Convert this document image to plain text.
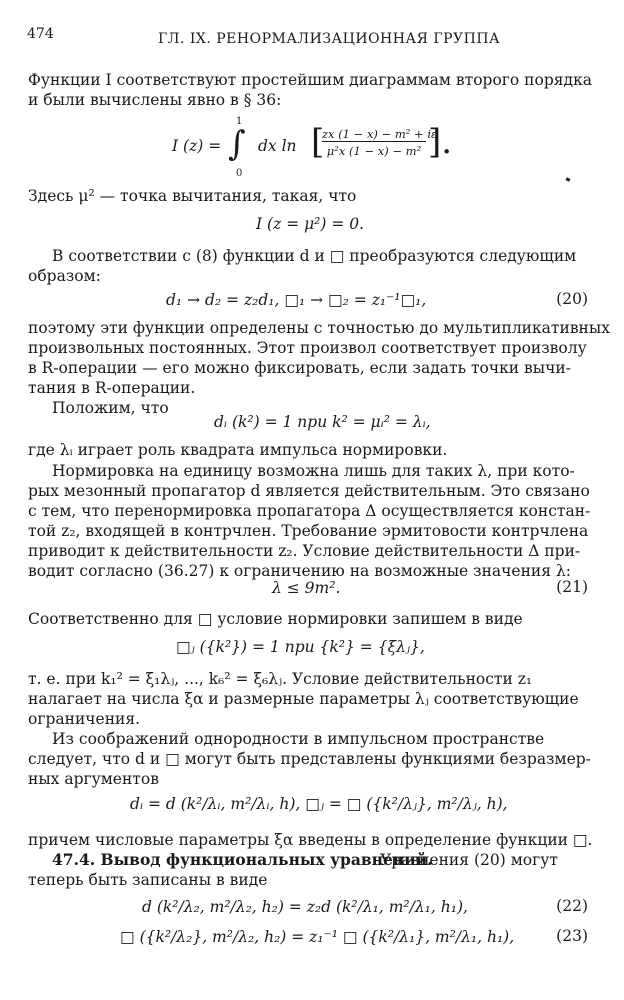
474	ГЛ. IX. РЕНОРМАЛИЗАЦИОННАЯ ГРУППА
Функции I соответствуют простейшим диаграммам второго порядка
и были вычислены явно в § 36:
I (z) =
1
∫
0
dx ln [
zx (1 − x) − m² + iε
μ²x (1 − x) − m² ].
Здесь μ² — точка вычитания, такая, что
I (z = μ²) = 0.
В соответствии с (8) функции d и □ преобразуются следующим
образом:
d₁ → d₂ = z₂d₁, □₁ → □₂ = z₁⁻¹□₁,	(20)
поэтому эти функции определены с точностью до мультипликативных
произвольных постоянных. Этот произвол соответствует произволу
в R-операции — его можно фиксировать, если задать точки вычи-
тания в R-операции.
Положим, что
dᵢ (k²) = 1 при k² = μᵢ² = λᵢ,
где λᵢ играет роль квадрата импульса нормировки.
Нормировка на единицу возможна лишь для таких λ, при кото-
рых мезонный пропагатор d является действительным. Это связано
с тем, что перенормировка пропагатора Δ осуществляется констан-
той z₂, входящей в контрчлен. Требование эрмитовости контрчлена
приводит к действительности z₂. Условие действительности Δ при-
водит согласно (36.27) к ограничению на возможные значения λ:
λ ≤ 9m².	(21)
Соответственно для □ условие нормировки запишем в виде
□ⱼ ({k²}) = 1 при {k²} = {ξλⱼ},
т. е. при k₁² = ξ₁λⱼ, ..., k₆² = ξ₆λⱼ. Условие действительности z₁
налагает на числа ξα и размерные параметры λⱼ соответствующие
ограничения.
Из соображений однородности в импульсном пространстве
следует, что d и □ могут быть представлены функциями безразмер-
ных аргументов
dᵢ = d (k²/λᵢ, m²/λᵢ, h), □ⱼ = □ ({k²/λⱼ}, m²/λⱼ, h),
причем числовые параметры ξα введены в определение функции □.
47.4. Вывод функциональных уравнений.
Уравнения (20) могут
теперь быть записаны в виде
d (k²/λ₂, m²/λ₂, h₂) = z₂d (k²/λ₁, m²/λ₁, h₁),	(22)
□ ({k²/λ₂}, m²/λ₂, h₂) = z₁⁻¹ □ ({k²/λ₁}, m²/λ₁, h₁),	(23)
